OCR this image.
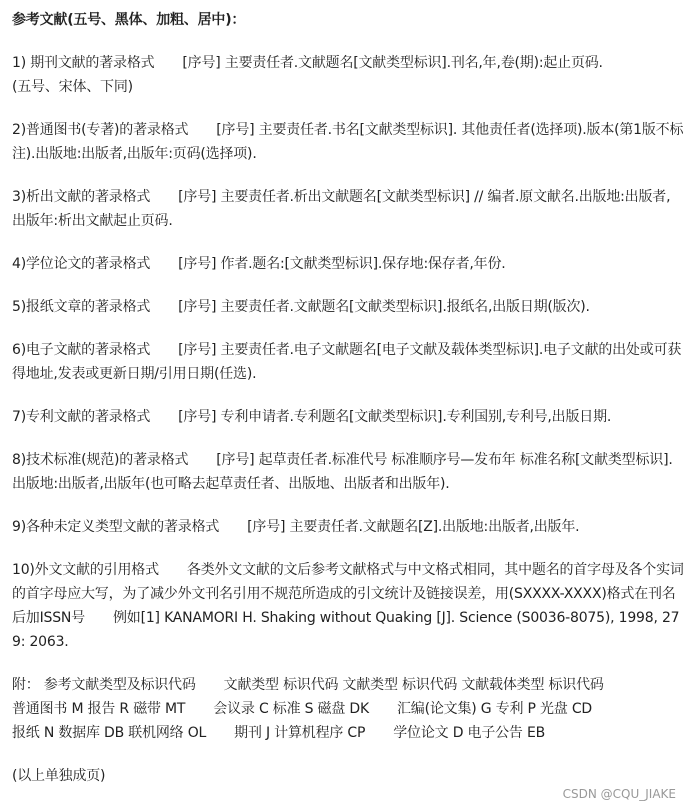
参考文献(五号、黑体、加粗、居中)：
1) 期刊文献的著录格式 [序号] 主要责任者.文献题名[文献类型标识].刊名,年,卷(期):起止页码.
(五号、宋体、下同)
2)普通图书(专著)的著录格式 [序号] 主要责任者.书名[文献类型标识]. 其他责任者(选择项).版本(第1版不标注).出版地:出版者,出版年:页码(选择项).
3)析出文献的著录格式 [序号] 主要责任者.析出文献题名[文献类型标识] // 编者.原文献名.出版地:出版者,出版年:析出文献起止页码.
4)学位论文的著录格式 [序号] 作者.题名:[文献类型标识].保存地:保存者,年份.
5)报纸文章的著录格式 [序号] 主要责任者.文献题名[文献类型标识].报纸名,出版日期(版次).
6)电子文献的著录格式 [序号] 主要责任者.电子文献题名[电子文献及载体类型标识].电子文献的出处或可获得地址,发表或更新日期/引用日期(任选).
7)专利文献的著录格式 [序号] 专利申请者.专利题名[文献类型标识].专利国别,专利号,出版日期.
8)技术标准(规范)的著录格式 [序号] 起草责任者.标准代号 标准顺序号—发布年 标准名称[文献类型标识].出版地:出版者,出版年(也可略去起草责任者、出版地、出版者和出版年).
9)各种未定义类型文献的著录格式 [序号] 主要责任者.文献题名[Z].出版地:出版者,出版年.
10)外文文献的引用格式 各类外文文献的文后参考文献格式与中文格式相同，其中题名的首字母及各个实词的首字母应大写，为了减少外文刊名引用不规范所造成的引文统计及链接误差，用(SXXXX-XXXX)格式在刊名后加ISSN号 例如[1] KANAMORI H. Shaking without Quaking [J]. Science (S0036-8075), 1998, 279: 2063.
附： 参考文献类型及标识代码 文献类型 标识代码 文献类型 标识代码 文献载体类型 标识代码
普通图书 M 报告 R 磁带 MT 会议录 C 标准 S 磁盘 DK 汇编(论文集) G 专利 P 光盘 CD
报纸 N 数据库 DB 联机网络 OL 期刊 J 计算机程序 CP 学位论文 D 电子公告 EB
(以上单独成页)
CSDN @CQU_JIAKE
